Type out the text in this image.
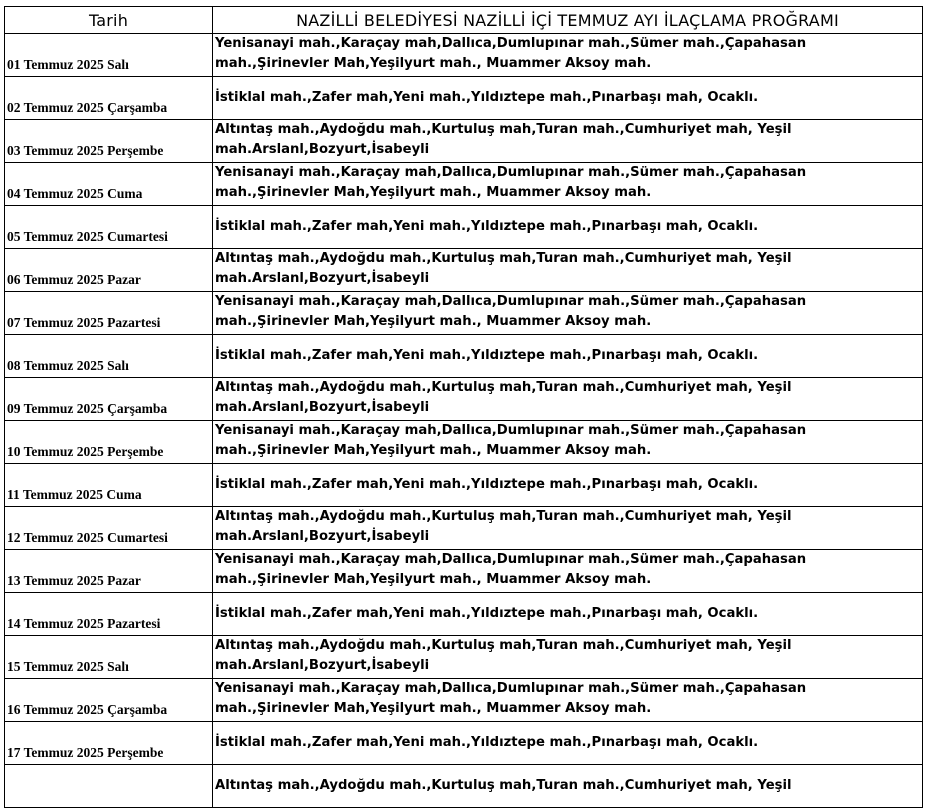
Tarih	NAZİLLİ BELEDİYESİ NAZİLLİ İÇİ TEMMUZ AYI İLAÇLAMA PROĞRAMI
01 Temmuz 2025 Salı	Yenisanayi mah.,Karaçay mah,Dallıca,Dumlupınar mah.,Sümer mah.,Çapahasan mah.,Şirinevler Mah,Yeşilyurt mah., Muammer Aksoy mah.
02 Temmuz 2025 Çarşamba	İstiklal mah.,Zafer mah,Yeni mah.,Yıldıztepe mah.,Pınarbaşı mah, Ocaklı.
03 Temmuz 2025 Perşembe	Altıntaş mah.,Aydoğdu mah.,Kurtuluş mah,Turan mah.,Cumhuriyet mah, Yeşil mah.Arslanl,Bozyurt,İsabeyli
04 Temmuz 2025 Cuma	Yenisanayi mah.,Karaçay mah,Dallıca,Dumlupınar mah.,Sümer mah.,Çapahasan mah.,Şirinevler Mah,Yeşilyurt mah., Muammer Aksoy mah.
05 Temmuz 2025 Cumartesi	İstiklal mah.,Zafer mah,Yeni mah.,Yıldıztepe mah.,Pınarbaşı mah, Ocaklı.
06 Temmuz 2025 Pazar	Altıntaş mah.,Aydoğdu mah.,Kurtuluş mah,Turan mah.,Cumhuriyet mah, Yeşil mah.Arslanl,Bozyurt,İsabeyli
07 Temmuz 2025 Pazartesi	Yenisanayi mah.,Karaçay mah,Dallıca,Dumlupınar mah.,Sümer mah.,Çapahasan mah.,Şirinevler Mah,Yeşilyurt mah., Muammer Aksoy mah.
08 Temmuz 2025 Salı	İstiklal mah.,Zafer mah,Yeni mah.,Yıldıztepe mah.,Pınarbaşı mah, Ocaklı.
09 Temmuz 2025 Çarşamba	Altıntaş mah.,Aydoğdu mah.,Kurtuluş mah,Turan mah.,Cumhuriyet mah, Yeşil mah.Arslanl,Bozyurt,İsabeyli
10 Temmuz 2025 Perşembe	Yenisanayi mah.,Karaçay mah,Dallıca,Dumlupınar mah.,Sümer mah.,Çapahasan mah.,Şirinevler Mah,Yeşilyurt mah., Muammer Aksoy mah.
11 Temmuz 2025 Cuma	İstiklal mah.,Zafer mah,Yeni mah.,Yıldıztepe mah.,Pınarbaşı mah, Ocaklı.
12 Temmuz 2025 Cumartesi	Altıntaş mah.,Aydoğdu mah.,Kurtuluş mah,Turan mah.,Cumhuriyet mah, Yeşil mah.Arslanl,Bozyurt,İsabeyli
13 Temmuz 2025 Pazar	Yenisanayi mah.,Karaçay mah,Dallıca,Dumlupınar mah.,Sümer mah.,Çapahasan mah.,Şirinevler Mah,Yeşilyurt mah., Muammer Aksoy mah.
14 Temmuz 2025 Pazartesi	İstiklal mah.,Zafer mah,Yeni mah.,Yıldıztepe mah.,Pınarbaşı mah, Ocaklı.
15 Temmuz 2025 Salı	Altıntaş mah.,Aydoğdu mah.,Kurtuluş mah,Turan mah.,Cumhuriyet mah, Yeşil mah.Arslanl,Bozyurt,İsabeyli
16 Temmuz 2025 Çarşamba	Yenisanayi mah.,Karaçay mah,Dallıca,Dumlupınar mah.,Sümer mah.,Çapahasan mah.,Şirinevler Mah,Yeşilyurt mah., Muammer Aksoy mah.
17 Temmuz 2025 Perşembe	İstiklal mah.,Zafer mah,Yeni mah.,Yıldıztepe mah.,Pınarbaşı mah, Ocaklı.
	Altıntaş mah.,Aydoğdu mah.,Kurtuluş mah,Turan mah.,Cumhuriyet mah, Yeşil
